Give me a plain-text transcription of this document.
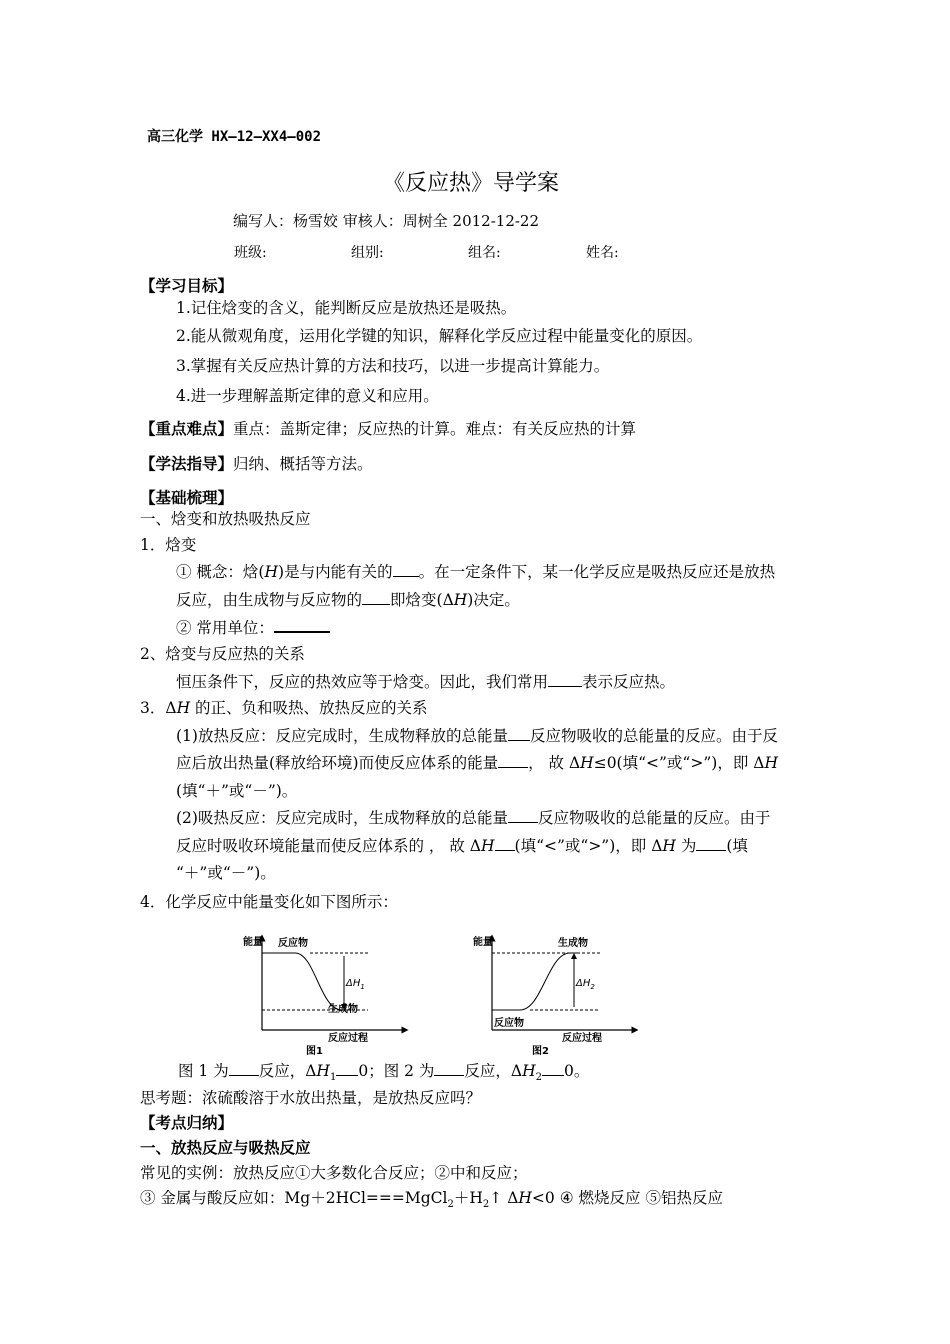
高三化学 HX—12—XX4—002
《反应热》导学案
编写人：杨雪姣 审核人：周树全 2012-12-22
班级:	组别:	组名:	姓名:
【学习目标】
1.记住焓变的含义，能判断反应是放热还是吸热。
2.能从微观角度，运用化学键的知识，解释化学反应过程中能量变化的原因。
3.掌握有关反应热计算的方法和技巧，以进一步提高计算能力。
4.进一步理解盖斯定律的意义和应用。
【重点难点】重点：盖斯定律；反应热的计算。难点：有关反应热的计算
【学法指导】归纳、概括等方法。
【基础梳理】
一、焓变和放热吸热反应
1．焓变
① 概念：焓(H)是与内能有关的 。在一定条件下，某一化学反应是吸热反应还是放热
反应，由生成物与反应物的 即焓变(ΔH)决定。
② 常用单位：
2、焓变与反应热的关系
恒压条件下，反应的热效应等于焓变。因此，我们常用 表示反应热。
3．ΔH 的正、负和吸热、放热反应的关系
(1)放热反应：反应完成时，生成物释放的总能量 反应物吸收的总能量的反应。由于反
应后放出热量(释放给环境)而使反应体系的能量 ， 故 ΔH≤0(填“<”或“>”)，即 ΔH
(填“＋”或“－”)。
(2)吸热反应：反应完成时，生成物释放的总能量 反应物吸收的总能量的反应。由于
反应时吸收环境能量而使反应体系的 ， 故 ΔH (填“<”或“>”)，即 ΔH 为 (填
“＋”或“－”)。
4．化学反应中能量变化如下图所示：
能量
反应过程
反应物
生成物
$\Delta H_1$
图1
能量
反应过程
生成物
反应物
$\Delta H_2$
图2
图 1 为 反应，$\Delta H_1$ 0；图 2 为 反应，$\Delta H_2$ 0。
思考题：浓硫酸溶于水放出热量，是放热反应吗？
【考点归纳】
一、放热反应与吸热反应
常见的实例：放热反应①大多数化合反应；②中和反应；
③ 金属与酸反应如：$Mg+2HCl===MgCl_2+H_2↑$ ΔH<0 ④ 燃烧反应 ⑤铝热反应
